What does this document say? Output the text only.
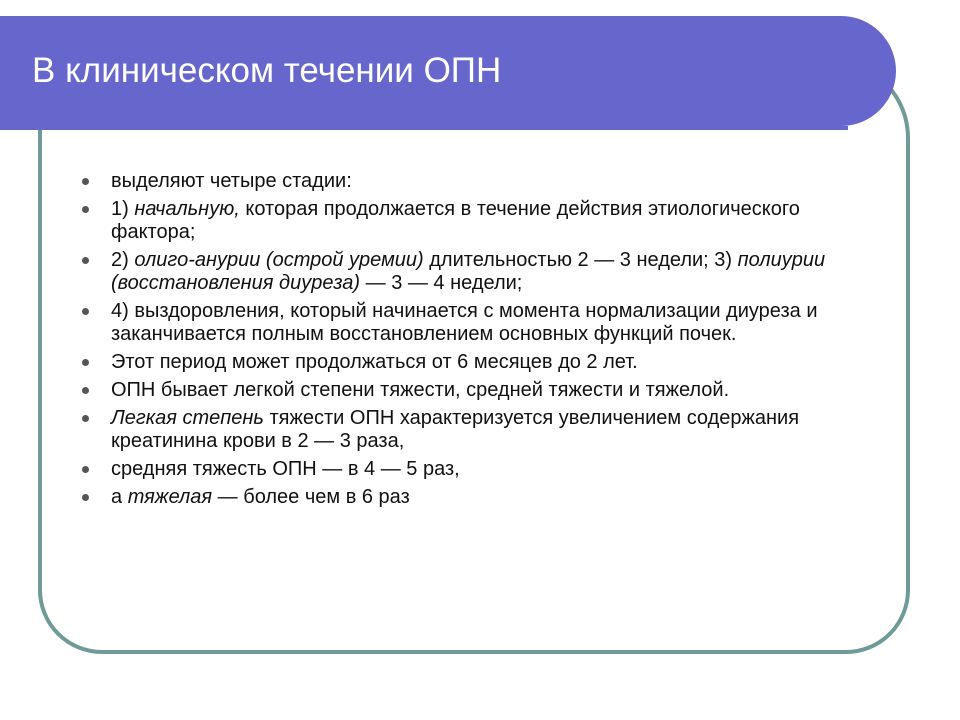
В клиническом течении ОПН
выделяют четыре стадии:
1) начальную, которая продолжается в течение действия этиологического фактора;
2) олиго-анурии (острой уремии) длительностью 2 — 3 недели; 3) полиурии (восстановления диуреза) — 3 — 4 недели;
4) выздоровления, который начинается с момента нормализации диуреза и заканчивается полным восстановлением основных функций почек.
Этот период может продолжаться от 6 месяцев до 2 лет.
ОПН бывает легкой степени тяжести, средней тяжести и тяжелой.
Легкая степень тяжести ОПН характеризуется увеличением содержания креатинина крови в 2 — 3 раза,
средняя тяжесть ОПН — в 4 — 5 раз,
а тяжелая — более чем в 6 раз
